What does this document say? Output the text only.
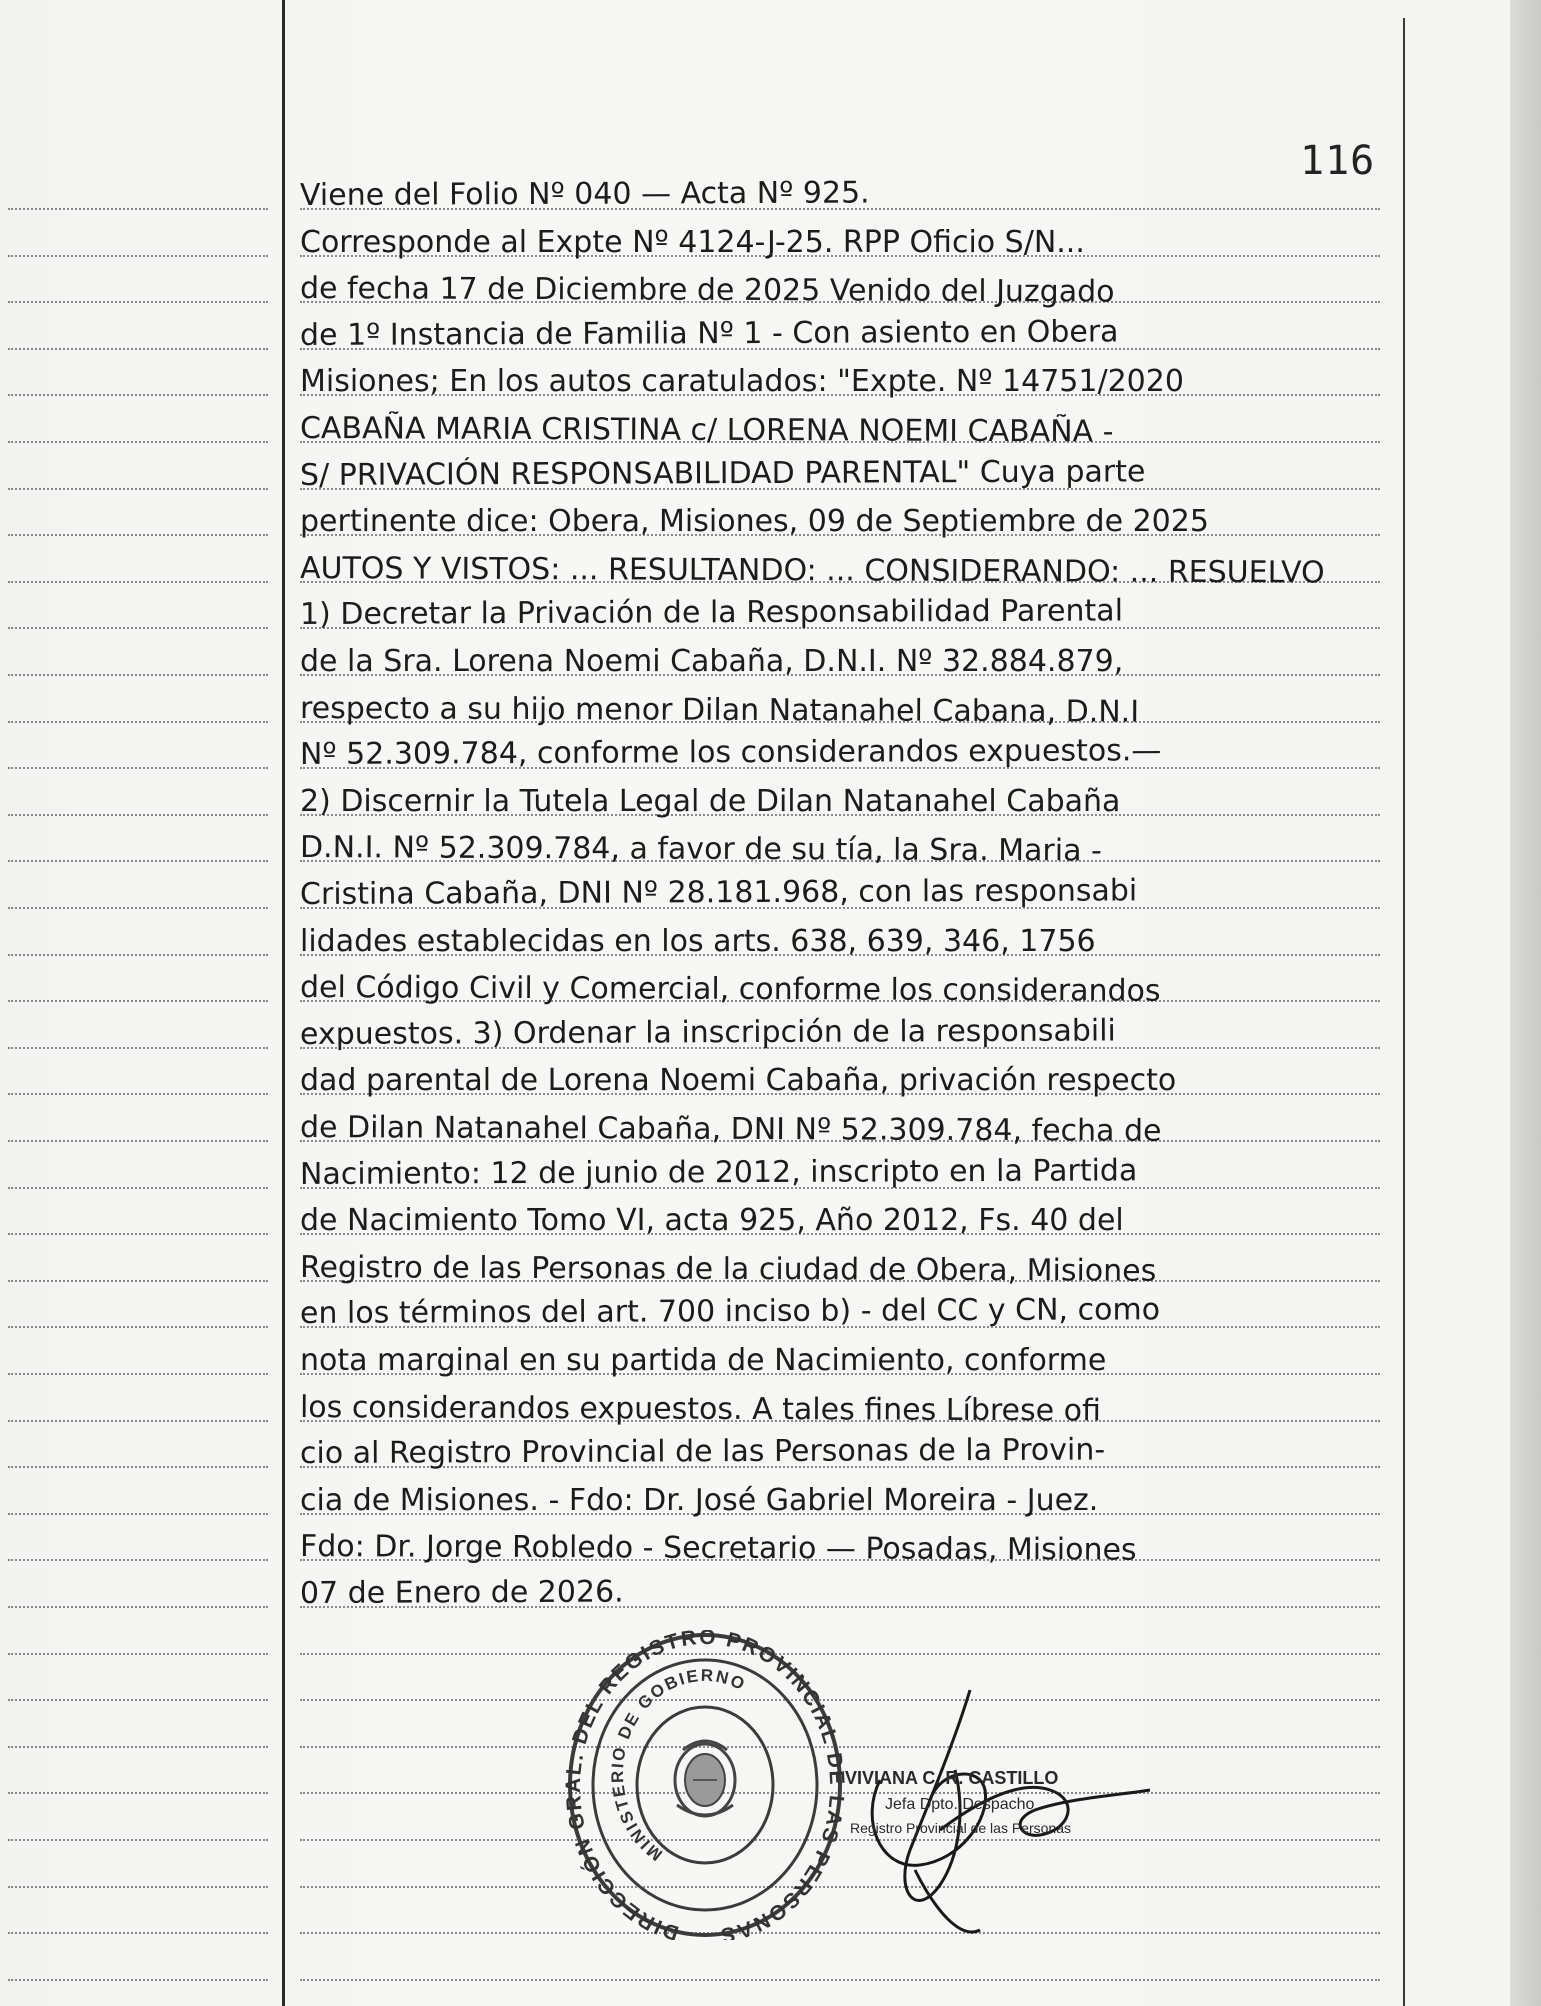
116
Viene del Folio Nº 040 — Acta Nº 925.
Corresponde al Expte Nº 4124-J-25. RPP Oficio S/N...
de fecha 17 de Diciembre de 2025 Venido del Juzgado
de 1º Instancia de Familia Nº 1 - Con asiento en Obera
Misiones; En los autos caratulados: "Expte. Nº 14751/2020
CABAÑA MARIA CRISTINA c/ LORENA NOEMI CABAÑA -
S/ PRIVACIÓN RESPONSABILIDAD PARENTAL" Cuya parte
pertinente dice: Obera, Misiones, 09 de Septiembre de 2025
AUTOS Y VISTOS: ... RESULTANDO: ... CONSIDERANDO: ... RESUELVO
1) Decretar la Privación de la Responsabilidad Parental
de la Sra. Lorena Noemi Cabaña, D.N.I. Nº 32.884.879,
respecto a su hijo menor Dilan Natanahel Cabana, D.N.I
Nº 52.309.784, conforme los considerandos expuestos.—
2) Discernir la Tutela Legal de Dilan Natanahel Cabaña
D.N.I. Nº 52.309.784, a favor de su tía, la Sra. Maria -
Cristina Cabaña, DNI Nº 28.181.968, con las responsabi
lidades establecidas en los arts. 638, 639, 346, 1756
del Código Civil y Comercial, conforme los considerandos
expuestos. 3) Ordenar la inscripción de la responsabili
dad parental de Lorena Noemi Cabaña, privación respecto
de Dilan Natanahel Cabaña, DNI Nº 52.309.784, fecha de
Nacimiento: 12 de junio de 2012, inscripto en la Partida
de Nacimiento Tomo VI, acta 925, Año 2012, Fs. 40 del
Registro de las Personas de la ciudad de Obera, Misiones
en los términos del art. 700 inciso b) - del CC y CN, como
nota marginal en su partida de Nacimiento, conforme
los considerandos expuestos. A tales fines Líbrese ofi
cio al Registro Provincial de las Personas de la Provin-
cia de Misiones. - Fdo: Dr. José Gabriel Moreira - Juez.
Fdo: Dr. Jorge Robledo - Secretario — Posadas, Misiones
07 de Enero de 2026.
DIRECCIÓN G . DEL REGISTRO PROVINCIAL D AS PERSONAS
MINISTERIO DE GOBIERNO
VIVIANA C. R. CASTILLO
Jefa Dpto. Despacho
Registro Provincial de las Personas
